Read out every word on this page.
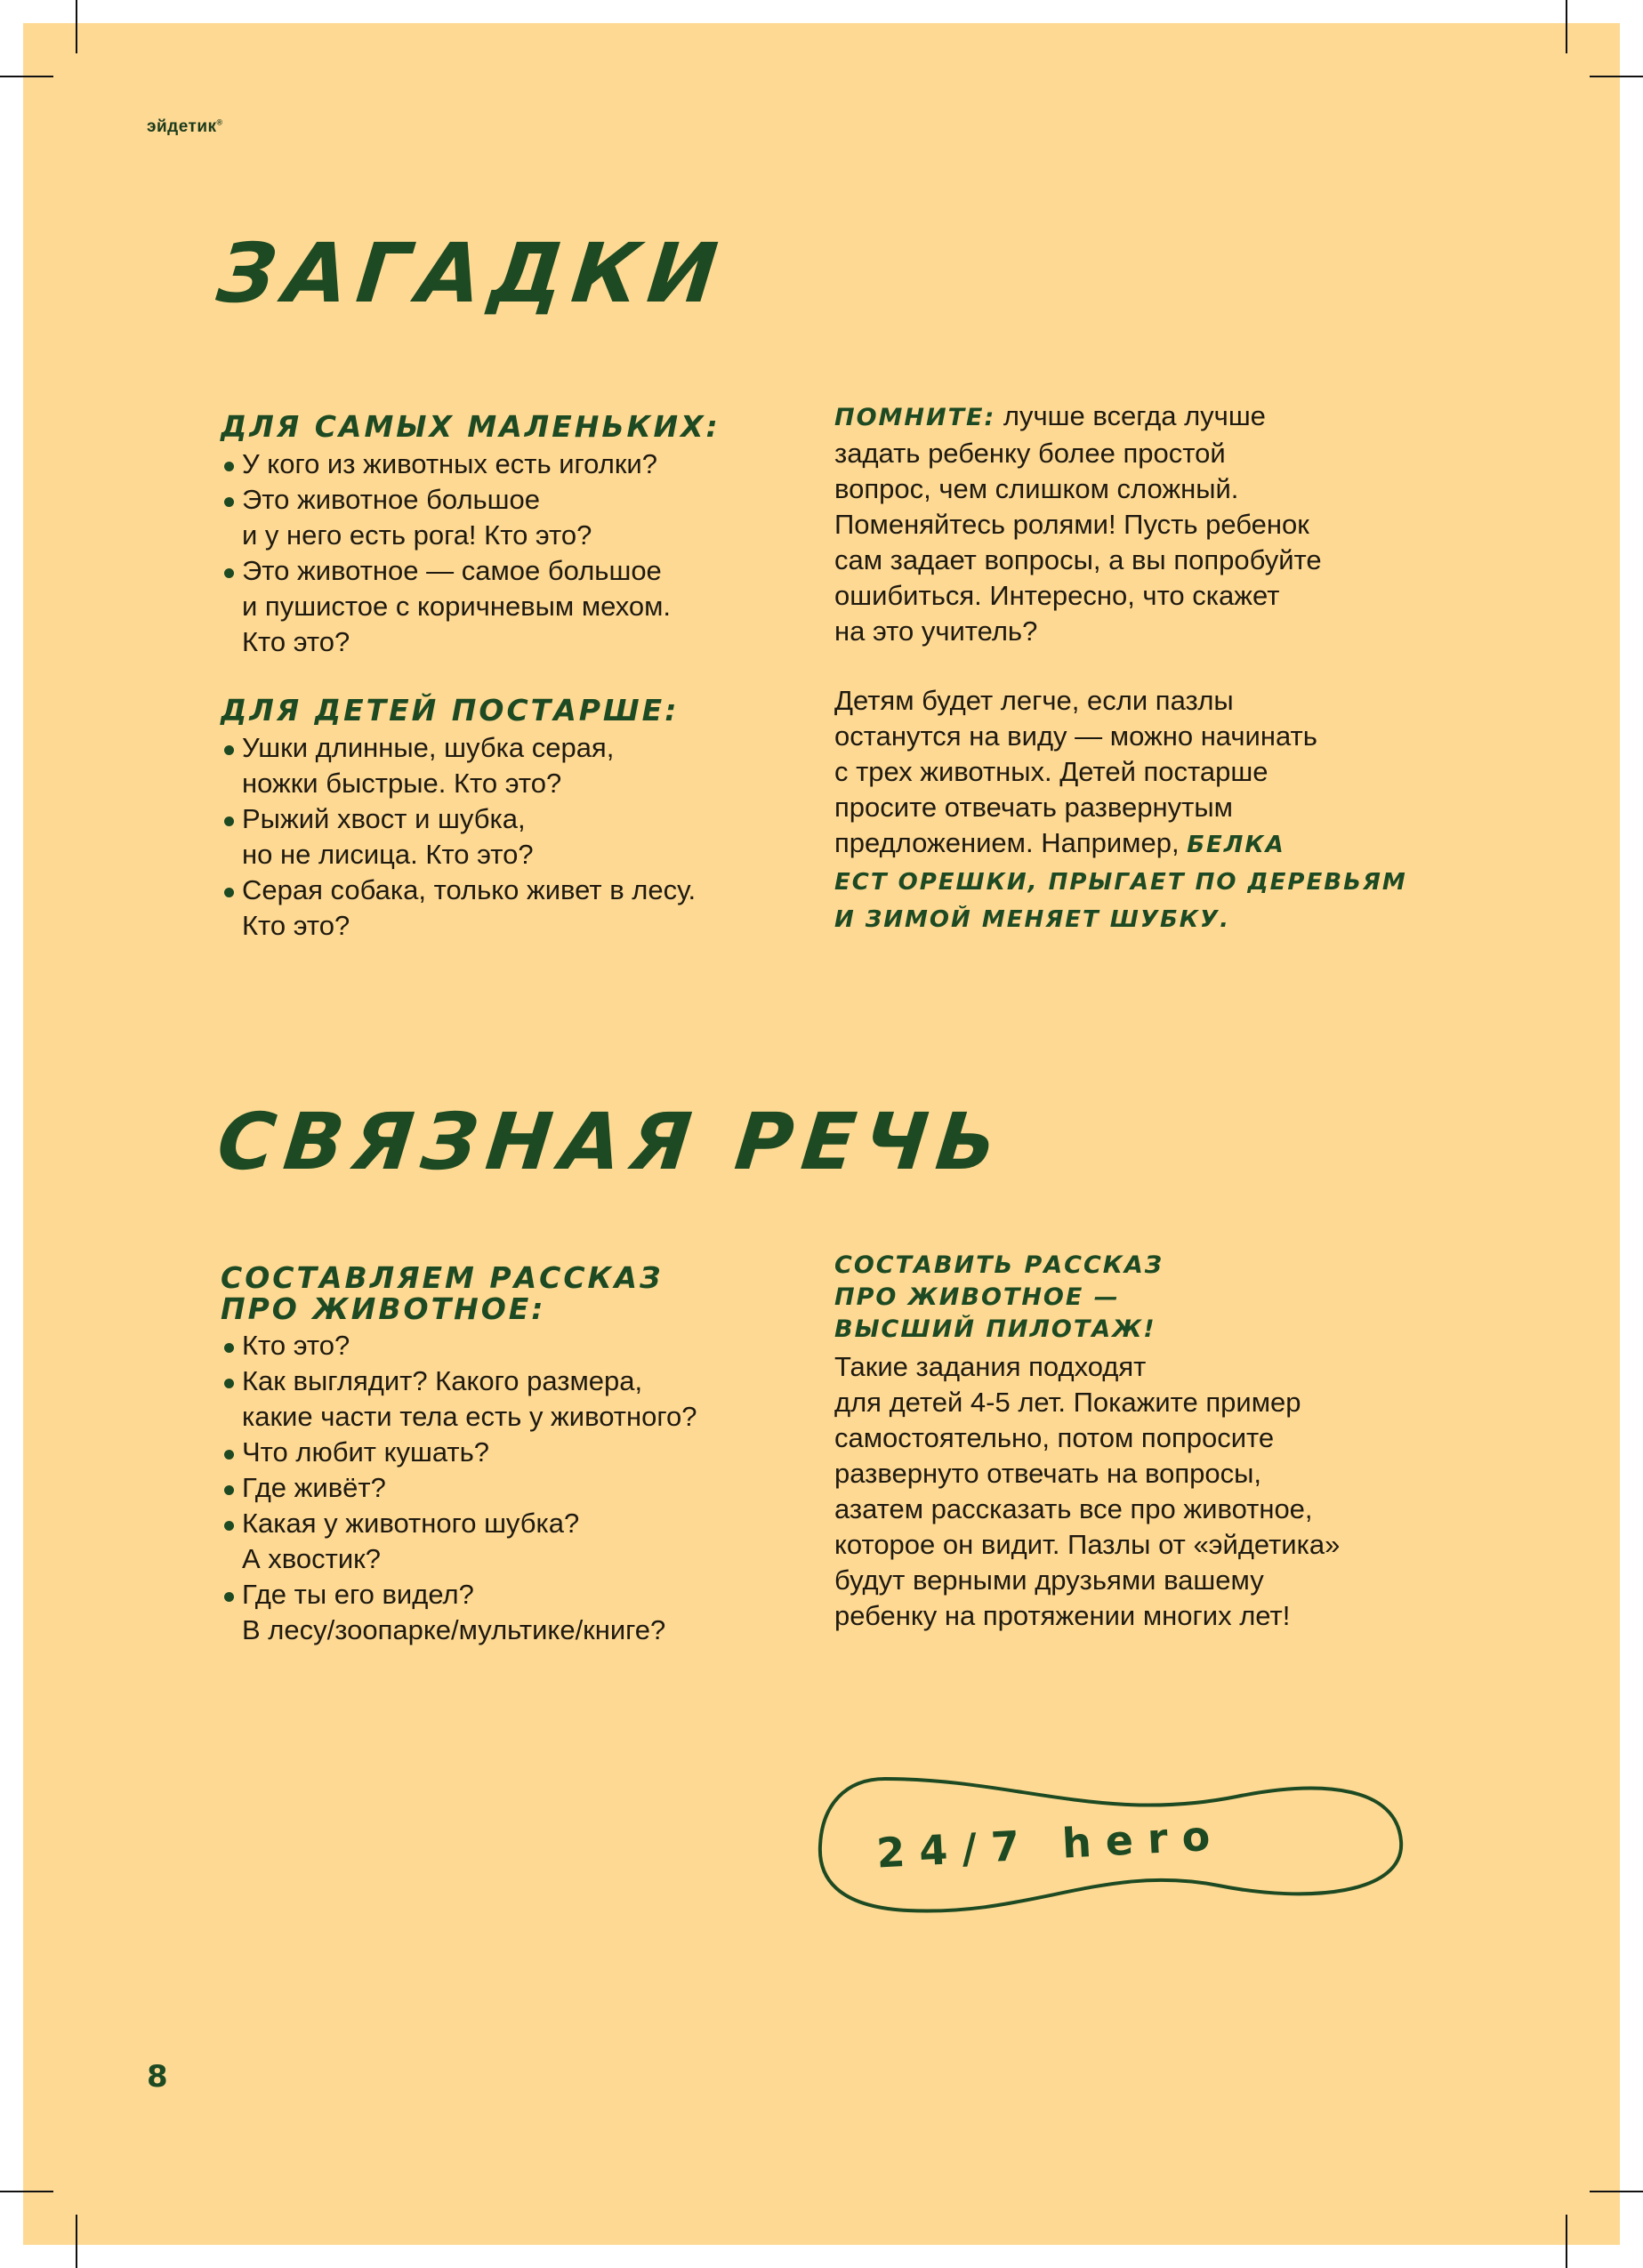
эйдетик®
ЗАГАДКИ
ДЛЯ САМЫХ МАЛЕНЬКИХ:
У кого из животных есть иголки?
Это животное большое
и у него есть рога! Кто это?
Это животное — самое большое
и пушистое с коричневым мехом.
Кто это?
ДЛЯ ДЕТЕЙ ПОСТАРШЕ:
Ушки длинные, шубка серая,
ножки быстрые. Кто это?
Рыжий хвост и шубка,
но не лисица. Кто это?
Серая собака, только живет в лесу.
Кто это?

ПОМНИТЕ: лучше всегда лучше
задать ребенку более простой
вопрос, чем слишком сложный.
Поменяйтесь ролями! Пусть ребенок
сам задает вопросы, а вы попробуйте
ошибиться. Интересно, что скажет
на это учитель?

Детям будет легче, если пазлы
останутся на виду — можно начинать
с трех животных. Детей постарше
просите отвечать развернутым
предложением. Например, БЕЛКА
ЕСТ ОРЕШКИ, ПРЫГАЕТ ПО ДЕРЕВЬЯМ
И ЗИМОЙ МЕНЯЕТ ШУБКУ.

СВЯЗНАЯ РЕЧЬ
СОСТАВЛЯЕМ РАССКАЗ
ПРО ЖИВОТНОЕ:
Кто это?
Как выглядит? Какого размера,
какие части тела есть у животного?
Что любит кушать?
Где живёт?
Какая у животного шубка?
А хвостик?
Где ты его видел?
В лесу/зоопарке/мультике/книге?
СОСТАВИТЬ РАССКАЗ
ПРО ЖИВОТНОЕ —
ВЫСШИЙ ПИЛОТАЖ!

Такие задания подходят
для детей 4-5 лет. Покажите пример
самостоятельно, потом попросите
развернуто отвечать на вопросы,
азатем рассказать все про животное,
которое он видит. Пазлы от «эйдетика»
будут верными друзьями вашему
ребенку на протяжении многих лет!

2 4 / 7   h e r o
8
